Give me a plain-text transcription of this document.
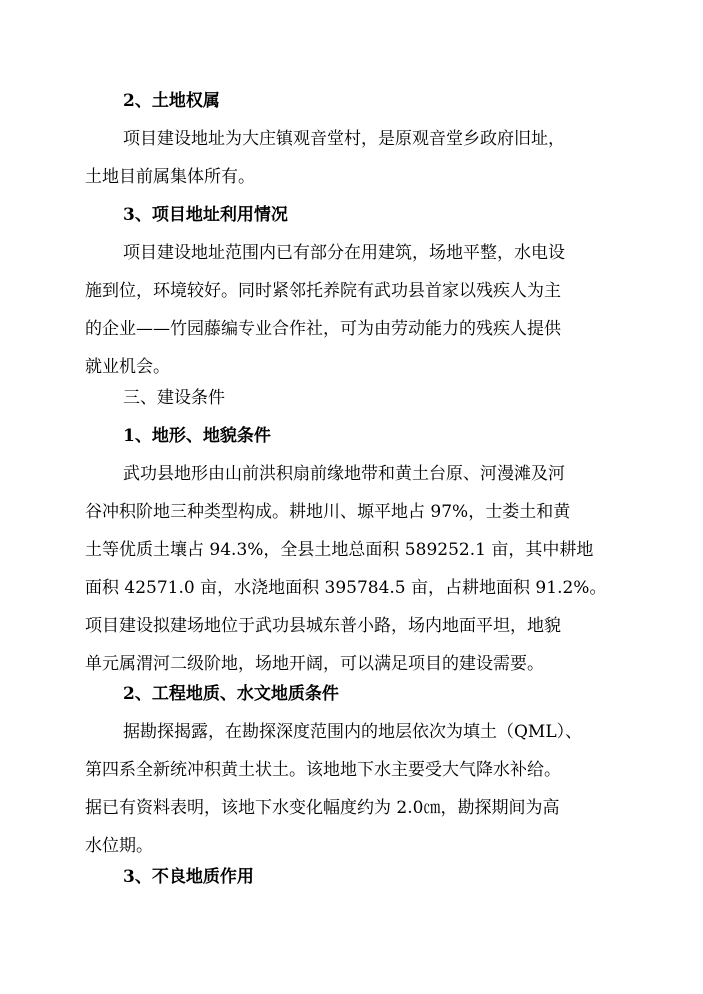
2、土地权属
项目建设地址为大庄镇观音堂村，是原观音堂乡政府旧址，
土地目前属集体所有。
3、项目地址利用情况
项目建设地址范围内已有部分在用建筑，场地平整，水电设
施到位，环境较好。同时紧邻托养院有武功县首家以残疾人为主
的企业——竹园藤编专业合作社，可为由劳动能力的残疾人提供
就业机会。
三、建设条件
1、地形、地貌条件
武功县地形由山前洪积扇前缘地带和黄土台原、河漫滩及河
谷冲积阶地三种类型构成。耕地川、塬平地占 97%，士娄土和黄
土等优质土壤占 94.3%，全县土地总面积 589252.1 亩，其中耕地
面积 42571.0 亩，水浇地面积 395784.5 亩，占耕地面积 91.2%。
项目建设拟建场地位于武功县城东普小路，场内地面平坦，地貌
单元属渭河二级阶地，场地开阔，可以满足项目的建设需要。
2、工程地质、水文地质条件
据勘探揭露，在勘探深度范围内的地层依次为填土（QML）、
第四系全新统冲积黄土状土。该地地下水主要受大气降水补给。
据已有资料表明，该地下水变化幅度约为 2.0㎝，勘探期间为高
水位期。
3、不良地质作用
